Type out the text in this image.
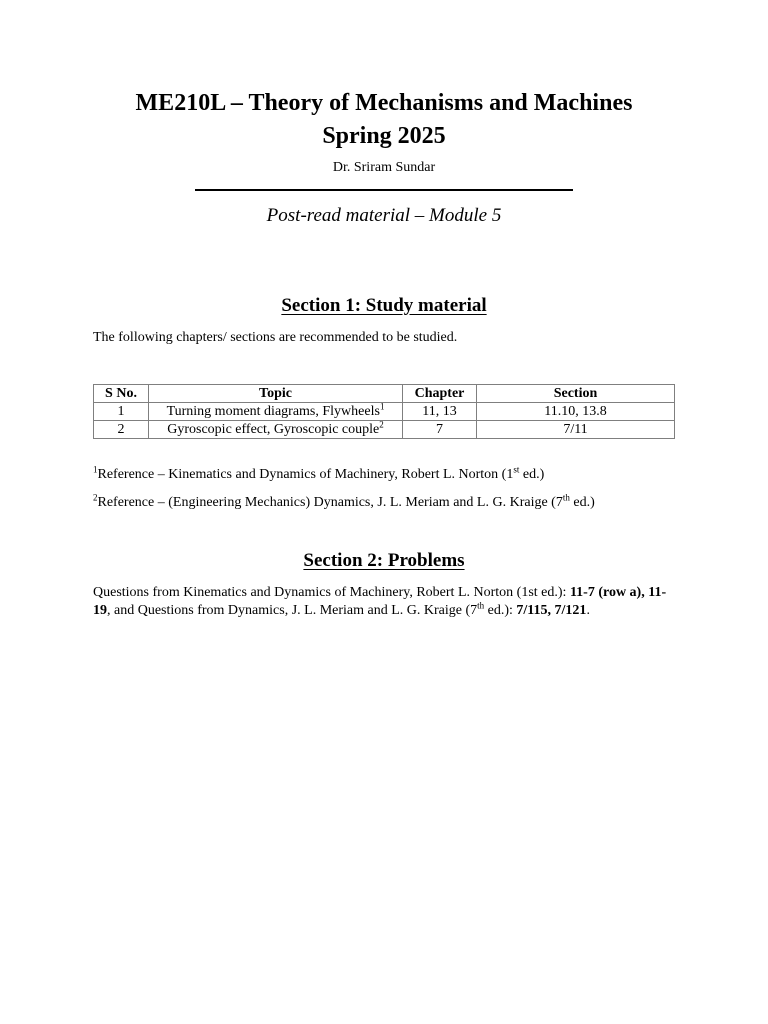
ME210L – Theory of Mechanisms and Machines
Spring 2025
Dr. Sriram Sundar
Post-read material – Module 5
Section 1: Study material
The following chapters/ sections are recommended to be studied.
S No.	Topic	Chapter	Section
1	Turning moment diagrams, Flywheels$^1$	11, 13	11.10, 13.8
2	Gyroscopic effect, Gyroscopic couple$^2$	7	7/11
$^1$Reference – Kinematics and Dynamics of Machinery, Robert L. Norton (1st ed.)
$^2$Reference – (Engineering Mechanics) Dynamics, J. L. Meriam and L. G. Kraige (7th ed.)
Section 2: Problems
Questions from Kinematics and Dynamics of Machinery, Robert L. Norton (1st ed.): 11-7 (row a), 11-19, and Questions from Dynamics, J. L. Meriam and L. G. Kraige (7th ed.): 7/115, 7/121.
